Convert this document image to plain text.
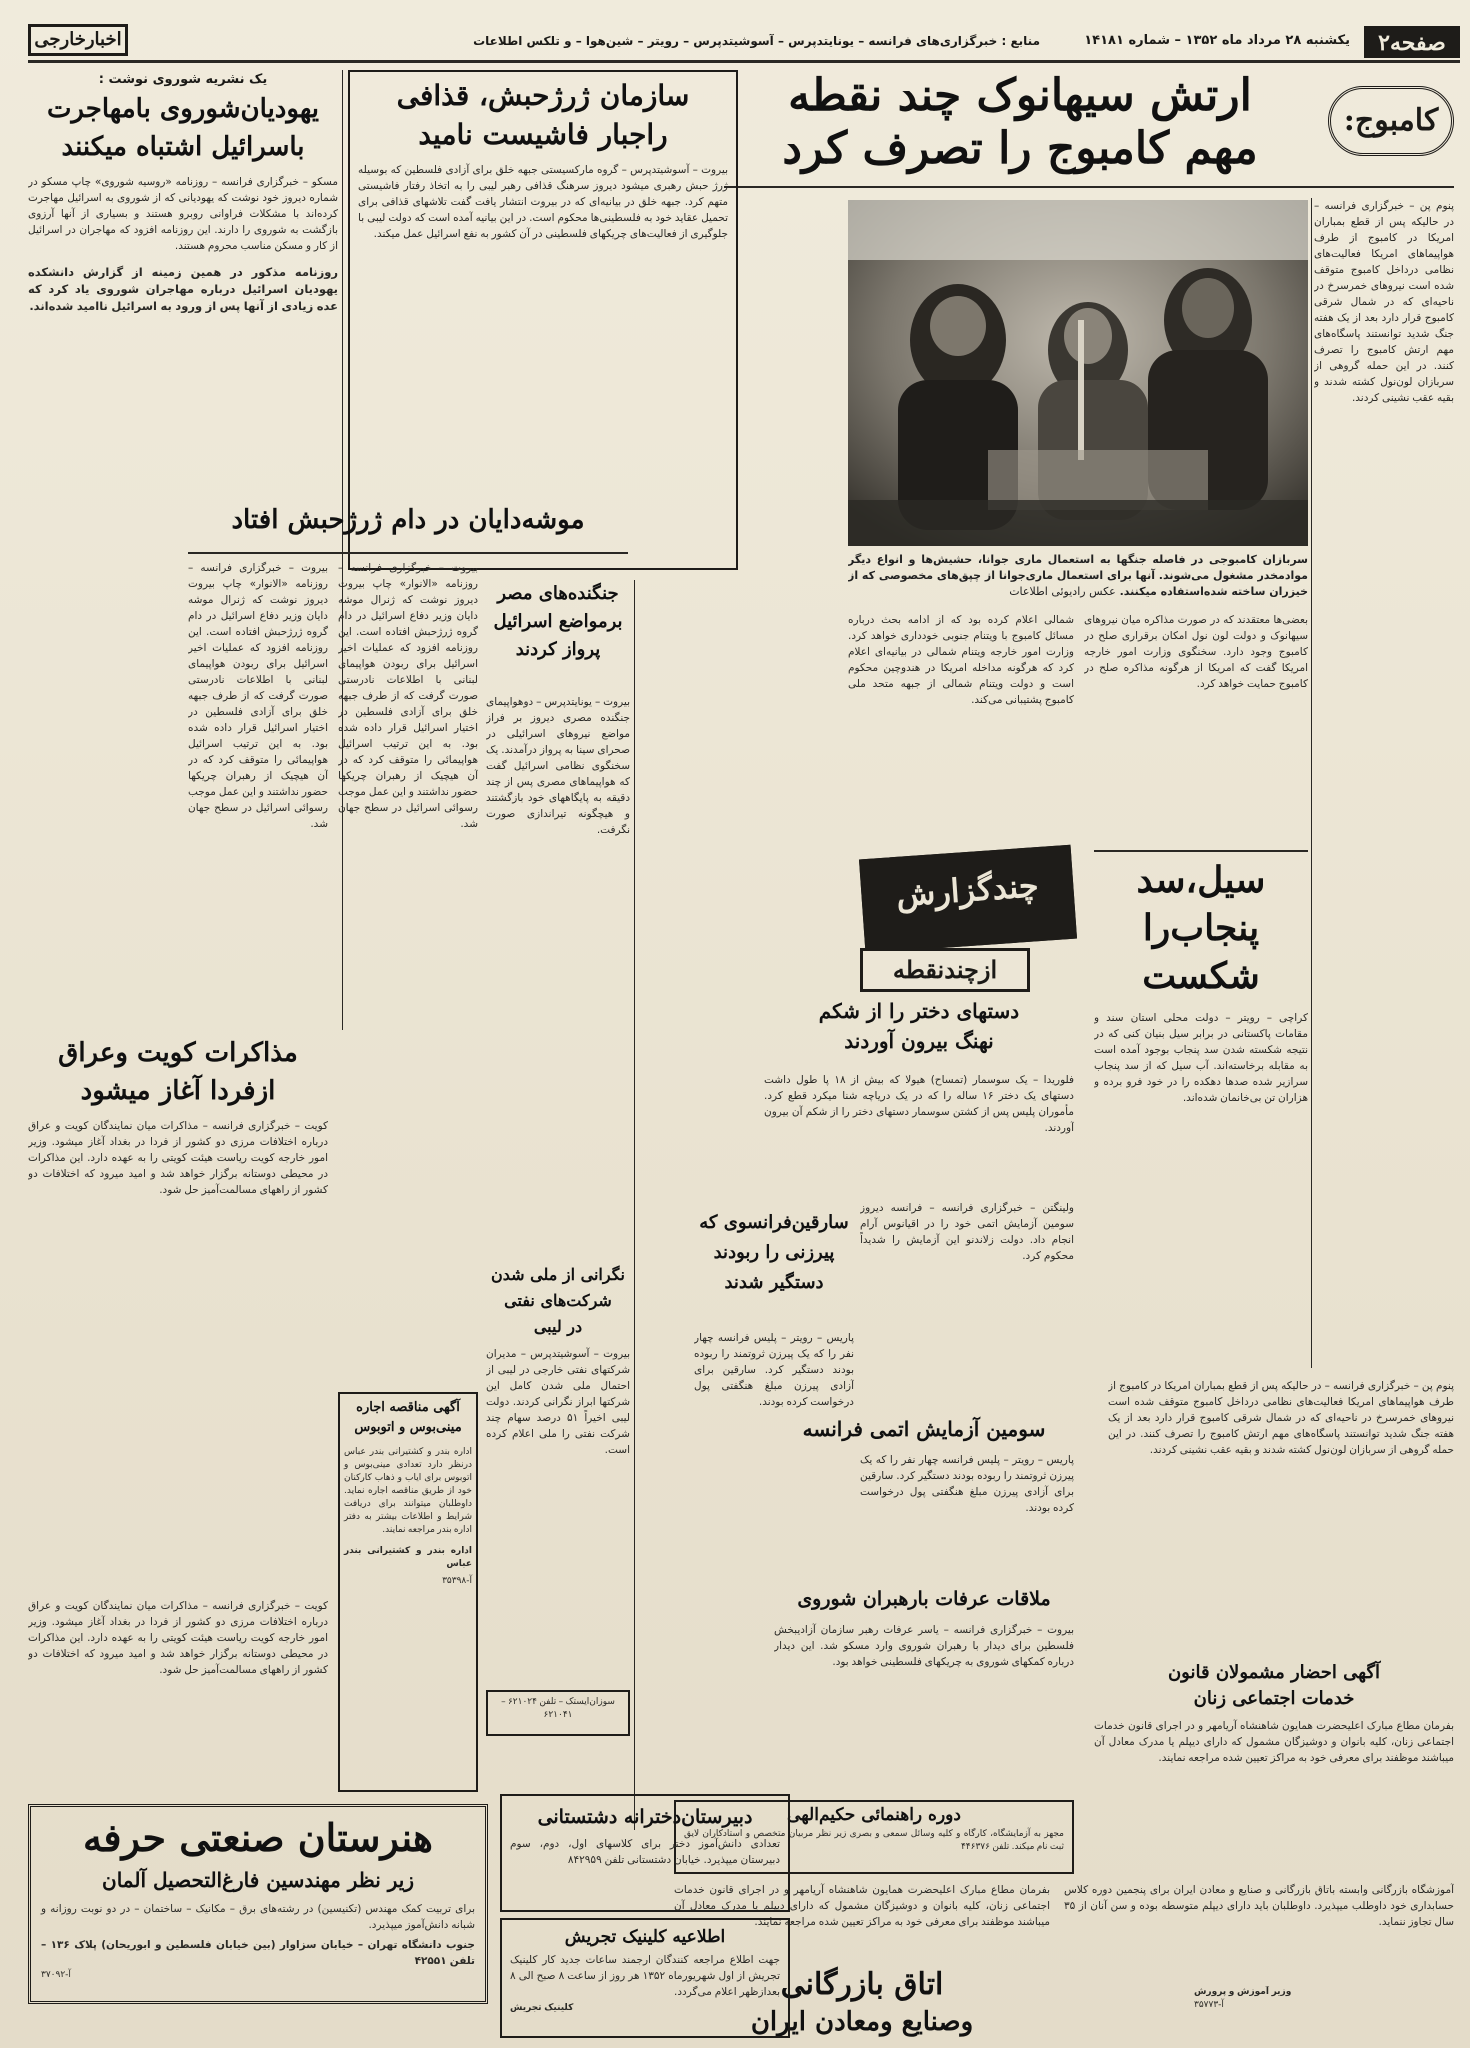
صفحه۲
یکشنبه ۲۸ مرداد ماه ۱۳۵۲ – شماره ۱۴۱۸۱
منابع : خبرگزاری‌های فرانسه – یونایتدپرس – آسوشیتدپرس – رویتر – شین‌هوا – و تلکس اطلاعات
اخبارخارجی
کامبوج:
ارتش سیهانوک چند نقطه
مهم کامبوج را تصرف کرد
سربازان کامبوجی در فاصله جنگها به استعمال ماری جوانا، حشیش‌ها و انواع دیگر موادمخدر مشغول می‌شوند. آنها برای استعمال ماری‌جوانا از چپق‌های مخصوصی که از خیزران ساخته شده‌استفاده میکنند. عکس رادیوئی اطلاعات
پنوم پن – خبرگزاری فرانسه – در حالیکه پس از قطع بمباران امریکا در کامبوج از طرف هواپیماهای امریکا فعالیت‌های نظامی درداخل کامبوج متوقف شده است نیروهای خمرسرخ در ناحیه‌ای که در شمال شرقی کامبوج قرار دارد بعد از یک هفته جنگ شدید توانستند پاسگاه‌های مهم ارتش کامبوج را تصرف کنند. در این حمله گروهی از سربازان لون‌نول کشته شدند و بقیه عقب نشینی کردند.
بعضی‌ها معتقدند که در صورت مذاکره میان نیروهای سیهانوک و دولت لون نول امکان برقراری صلح در کامبوج وجود دارد. سخنگوی وزارت امور خارجه امریکا گفت که امریکا از هرگونه مذاکره صلح در کامبوج حمایت خواهد کرد.
شمالی اعلام کرده بود که از ادامه بحث درباره مسائل کامبوج با ویتنام جنوبی خودداری خواهد کرد. وزارت امور خارجه ویتنام شمالی در بیانیه‌ای اعلام کرد که هرگونه مداخله امریکا در هندوچین محکوم است و دولت ویتنام شمالی از جبهه متحد ملی کامبوج پشتیبانی می‌کند.
سیل،سد
پنجاب‌را
شکست
کراچی – رویتر – دولت محلی استان سند و مقامات پاکستانی در برابر سیل بنیان کنی که در نتیجه شکسته شدن سد پنجاب بوجود آمده است به مقابله برخاسته‌اند. آب سیل که از سد پنجاب سرازیر شده صدها دهکده را در خود فرو برده و هزاران تن بی‌خانمان شده‌اند.
چندگزارش
ازچندنقطه
دستهای دختر را از شکم
نهنگ بیرون آوردند
فلوریدا – یک سوسمار (تمساح) هیولا که بیش از ۱۸ پا طول داشت دستهای یک دختر ۱۶ ساله را که در یک دریاچه شنا میکرد قطع کرد. مأموران پلیس پس از کشتن سوسمار دستهای دختر را از شکم آن بیرون آوردند.
سارقین‌فرانسوی که
پیرزنی را ربودند
دستگیر شدند
پاریس – رویتر – پلیس فرانسه چهار نفر را که یک پیرزن ثروتمند را ربوده بودند دستگیر کرد. سارقین برای آزادی پیرزن مبلغ هنگفتی پول درخواست کرده بودند.
ولینگتن – خبرگزاری فرانسه – فرانسه دیروز سومین آزمایش اتمی خود را در اقیانوس آرام انجام داد. دولت زلاندنو این آزمایش را شدیداً محکوم کرد.
سومین آزمایش اتمی فرانسه
پاریس – رویتر – پلیس فرانسه چهار نفر را که یک پیرزن ثروتمند را ربوده بودند دستگیر کرد. سارقین برای آزادی پیرزن مبلغ هنگفتی پول درخواست کرده بودند.
ملاقات عرفات بارهبران شوروی
بیروت – خبرگزاری فرانسه – یاسر عرفات رهبر سازمان آزادیبخش فلسطین برای دیدار با رهبران شوروی وارد مسکو شد. این دیدار درباره کمکهای شوروی به چریکهای فلسطینی خواهد بود.
پنوم پن – خبرگزاری فرانسه – در حالیکه پس از قطع بمباران امریکا در کامبوج از طرف هواپیماهای امریکا فعالیت‌های نظامی درداخل کامبوج متوقف شده است نیروهای خمرسرخ در ناحیه‌ای که در شمال شرقی کامبوج قرار دارد بعد از یک هفته جنگ شدید توانستند پاسگاه‌های مهم ارتش کامبوج را تصرف کنند. در این حمله گروهی از سربازان لون‌نول کشته شدند و بقیه عقب نشینی کردند.
آگهی احضار مشمولان قانون
خدمات اجتماعی زنان
بفرمان مطاع مبارک اعلیحضرت همایون شاهنشاه آریامهر و در اجرای قانون خدمات اجتماعی زنان، کلیه بانوان و دوشیزگان مشمول که دارای دیپلم یا مدرک معادل آن میباشند موظفند برای معرفی خود به مراکز تعیین شده مراجعه نمایند.
دوره راهنمائی حکیم‌الهی
مجهز به آزمایشگاه، کارگاه و کلیه وسائل سمعی و بصری زیر نظر مربیان متخصص و استادکاران لایق ثبت نام میکند. تلفن ۴۴۶۳۷۶
آموزشگاه بازرگانی وابسته باتاق بازرگانی و صنایع و معادن ایران برای پنجمین دوره کلاس حسابداری خود داوطلب میپذیرد. داوطلبان باید دارای دیپلم متوسطه بوده و سن آنان از ۳۵ سال تجاوز ننماید.
بفرمان مطاع مبارک اعلیحضرت همایون شاهنشاه آریامهر و در اجرای قانون خدمات اجتماعی زنان، کلیه بانوان و دوشیزگان مشمول که دارای دیپلم یا مدرک معادل آن میباشند موظفند برای معرفی خود به مراکز تعیین شده مراجعه نمایند.
اتاق بازرگانی
وصنایع ومعادن ایران
وزیر آموزش و پرورش
آ-۳۵۷۷۳
سازمان ژرژحبش، قذافی
راجبار فاشیست نامید
بیروت – آسوشیتدپرس – گروه مارکسیستی جبهه خلق برای آزادی فلسطین که بوسیله ژرژ حبش رهبری میشود دیروز سرهنگ قذافی رهبر لیبی را به اتخاذ رفتار فاشیستی متهم کرد. جبهه خلق در بیانیه‌ای که در بیروت انتشار یافت گفت تلاشهای قذافی برای تحمیل عقاید خود به فلسطینی‌ها محکوم است. در این بیانیه آمده است که دولت لیبی با جلوگیری از فعالیت‌های چریکهای فلسطینی در آن کشور به نفع اسرائیل عمل میکند.
یک نشریه شوروی نوشت :
یهودیان‌شوروی بامهاجرت
باسرائیل اشتباه میکنند
مسکو – خبرگزاری فرانسه – روزنامه «روسیه شوروی» چاپ مسکو در شماره دیروز خود نوشت که یهودیانی که از شوروی به اسرائیل مهاجرت کرده‌اند با مشکلات فراوانی روبرو هستند و بسیاری از آنها آرزوی بازگشت به شوروی را دارند. این روزنامه افزود که مهاجران در اسرائیل از کار و مسکن مناسب محروم هستند.
روزنامه مذکور در همین زمینه از گزارش دانشکده یهودیان اسرائیل درباره مهاجران شوروی یاد کرد که عده زیادی از آنها پس از ورود به اسرائیل ناامید شده‌اند.
موشه‌دایان در دام ژرژحبش افتاد
بیروت – خبرگزاری فرانسه – روزنامه «الانوار» چاپ بیروت دیروز نوشت که ژنرال موشه دایان وزیر دفاع اسرائیل در دام گروه ژرژحبش افتاده است. این روزنامه افزود که عملیات اخیر اسرائیل برای ربودن هواپیمای لبنانی با اطلاعات نادرستی صورت گرفت که از طرف جبهه خلق برای آزادی فلسطین در اختیار اسرائیل قرار داده شده بود. به این ترتیب اسرائیل هواپیمائی را متوقف کرد که در آن هیچیک از رهبران چریکها حضور نداشتند و این عمل موجب رسوائی اسرائیل در سطح جهان شد.
بیروت – خبرگزاری فرانسه – روزنامه «الانوار» چاپ بیروت دیروز نوشت که ژنرال موشه دایان وزیر دفاع اسرائیل در دام گروه ژرژحبش افتاده است. این روزنامه افزود که عملیات اخیر اسرائیل برای ربودن هواپیمای لبنانی با اطلاعات نادرستی صورت گرفت که از طرف جبهه خلق برای آزادی فلسطین در اختیار اسرائیل قرار داده شده بود. به این ترتیب اسرائیل هواپیمائی را متوقف کرد که در آن هیچیک از رهبران چریکها حضور نداشتند و این عمل موجب رسوائی اسرائیل در سطح جهان شد.
جنگنده‌های مصر
برمواضع اسرائیل
پرواز کردند
بیروت – یونایتدپرس – دوهواپیمای جنگنده مصری دیروز بر فراز مواضع نیروهای اسرائیلی در صحرای سینا به پرواز درآمدند. یک سخنگوی نظامی اسرائیل گفت که هواپیماهای مصری پس از چند دقیقه به پایگاههای خود بازگشتند و هیچگونه تیراندازی صورت نگرفت.
مذاکرات کویت وعراق
ازفردا آغاز میشود
کویت – خبرگزاری فرانسه – مذاکرات میان نمایندگان کویت و عراق درباره اختلافات مرزی دو کشور از فردا در بغداد آغاز میشود. وزیر امور خارجه کویت ریاست هیئت کویتی را به عهده دارد. این مذاکرات در محیطی دوستانه برگزار خواهد شد و امید میرود که اختلافات دو کشور از راههای مسالمت‌آمیز حل شود.
نگرانی از ملی شدن
شرکت‌های نفتی
در لیبی
بیروت – آسوشیتدپرس – مدیران شرکتهای نفتی خارجی در لیبی از احتمال ملی شدن کامل این شرکتها ابراز نگرانی کردند. دولت لیبی اخیراً ۵۱ درصد سهام چند شرکت نفتی را ملی اعلام کرده است.
آگهی مناقصه اجاره مینی‌بوس و اتوبوس
اداره بندر و کشتیرانی بندر عباس درنظر دارد تعدادی مینی‌بوس و اتوبوس برای ایاب و ذهاب کارکنان خود از طریق مناقصه اجاره نماید. داوطلبان میتوانند برای دریافت شرایط و اطلاعات بیشتر به دفتر اداره بندر مراجعه نمایند.
اداره بندر و کشتیرانی بندر عباس
آ-۳۵۳۹۸
کویت – خبرگزاری فرانسه – مذاکرات میان نمایندگان کویت و عراق درباره اختلافات مرزی دو کشور از فردا در بغداد آغاز میشود. وزیر امور خارجه کویت ریاست هیئت کویتی را به عهده دارد. این مذاکرات در محیطی دوستانه برگزار خواهد شد و امید میرود که اختلافات دو کشور از راههای مسالمت‌آمیز حل شود.
سوزان‌ایستک – تلفن ۶۲۱۰۲۴ – ۶۲۱۰۴۱
هنرستان صنعتی حرفه
زیر نظر مهندسین فارغ‌التحصیل آلمان
برای تربیت کمک مهندس (تکنیسین) در رشته‌های برق – مکانیک – ساختمان – در دو نوبت روزانه و شبانه دانش‌آموز میپذیرد.
جنوب دانشگاه تهران – خیابان سزاوار (بین خیابان فلسطین و ابوریحان) پلاک ۱۳۶ – تلفن ۴۲۵۵۱
آ-۳۷۰۹۲
دبیرستان‌دخترانه دشتستانی
تعدادی دانش‌آموز دختر برای کلاسهای اول، دوم، سوم دبیرستان میپذیرد. خیابان دشتستانی تلفن ۸۴۲۹۵۹
اطلاعیه کلینیک تجریش
جهت اطلاع مراجعه کنندگان ارجمند ساعات جدید کار کلینیک تجریش از اول شهریورماه ۱۳۵۲ هر روز از ساعت ۸ صبح الی ۸ بعدازظهر اعلام می‌گردد.
کلینیک تجریش
